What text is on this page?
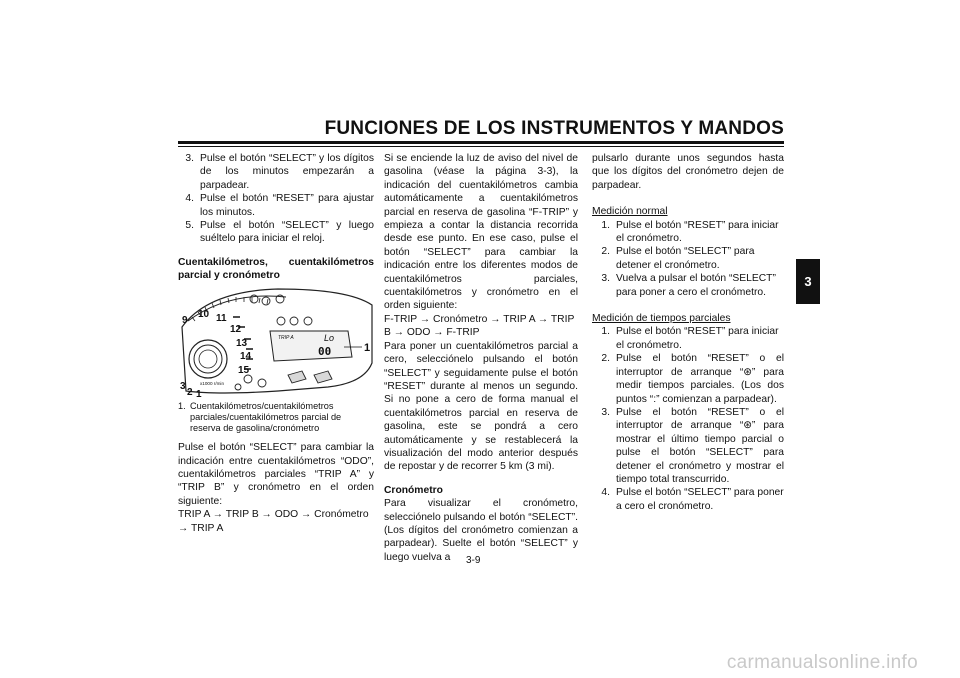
FUNCIONES DE LOS INSTRUMENTOS Y MANDOS
3
3. Pulse el botón “SELECT” y los dígitos de los minutos empezarán a parpadear.
4. Pulse el botón “RESET” para ajustar los minutos.
5. Pulse el botón “SELECT” y luego suéltelo para iniciar el reloj.

Cuentakilómetros, cuentakilómetros parcial y cronómetro

9
10 11
12
13
14
15
3
2 1
x1000 r/min
TRIP A	Lo
00	1
1. Cuentakilómetros/cuentakilómetros parciales/cuentakilómetros parcial de reserva de gasolina/cronómetro

Pulse el botón “SELECT” para cambiar la indicación entre cuentakilómetros “ODO”, cuentakilómetros parciales “TRIP A” y “TRIP B” y cronómetro en el orden siguiente:

TRIP A → TRIP B → ODO → Cronómetro → TRIP A

Si se enciende la luz de aviso del nivel de gasolina (véase la página 3-3), la indicación del cuentakilómetros cambia automáticamente a cuentakilómetros parcial en reserva de gasolina “F-TRIP” y empieza a contar la distancia recorrida desde ese punto. En ese caso, pulse el botón “SELECT” para cambiar la indicación entre los diferentes modos de cuentakilómetros parciales, cuentakilómetros y cronómetro en el orden siguiente:

F-TRIP → Cronómetro → TRIP A → TRIP B → ODO → F-TRIP

Para poner un cuentakilómetros parcial a cero, selecciónelo pulsando el botón “SELECT” y seguidamente pulse el botón “RESET” durante al menos un segundo. Si no pone a cero de forma manual el cuentakilómetros parcial en reserva de gasolina, este se pondrá a cero automáticamente y se restablecerá la visualización del modo anterior después de repostar y de recorrer 5 km (3 mi).

Cronómetro

Para visualizar el cronómetro, selecciónelo pulsando el botón “SELECT”. (Los dígitos del cronómetro comienzan a parpadear). Suelte el botón “SELECT” y luego vuelva a

pulsarlo durante unos segundos hasta que los dígitos del cronómetro dejen de parpadear.

Medición normal

1. Pulse el botón “RESET” para iniciar el cronómetro.
2. Pulse el botón “SELECT” para detener el cronómetro.
3. Vuelva a pulsar el botón “SELECT” para poner a cero el cronómetro.

Medición de tiempos parciales

1. Pulse el botón “RESET” para iniciar el cronómetro.
2. Pulse el botón “RESET” o el interruptor de arranque “⊛” para medir tiempos parciales. (Los dos puntos “:” comienzan a parpadear).
3. Pulse el botón “RESET” o el interruptor de arranque “⊛” para mostrar el último tiempo parcial o pulse el botón “SELECT” para detener el cronómetro y mostrar el tiempo total transcurrido.
4. Pulse el botón “SELECT” para poner a cero el cronómetro.
3-9
carmanualsonline.info
